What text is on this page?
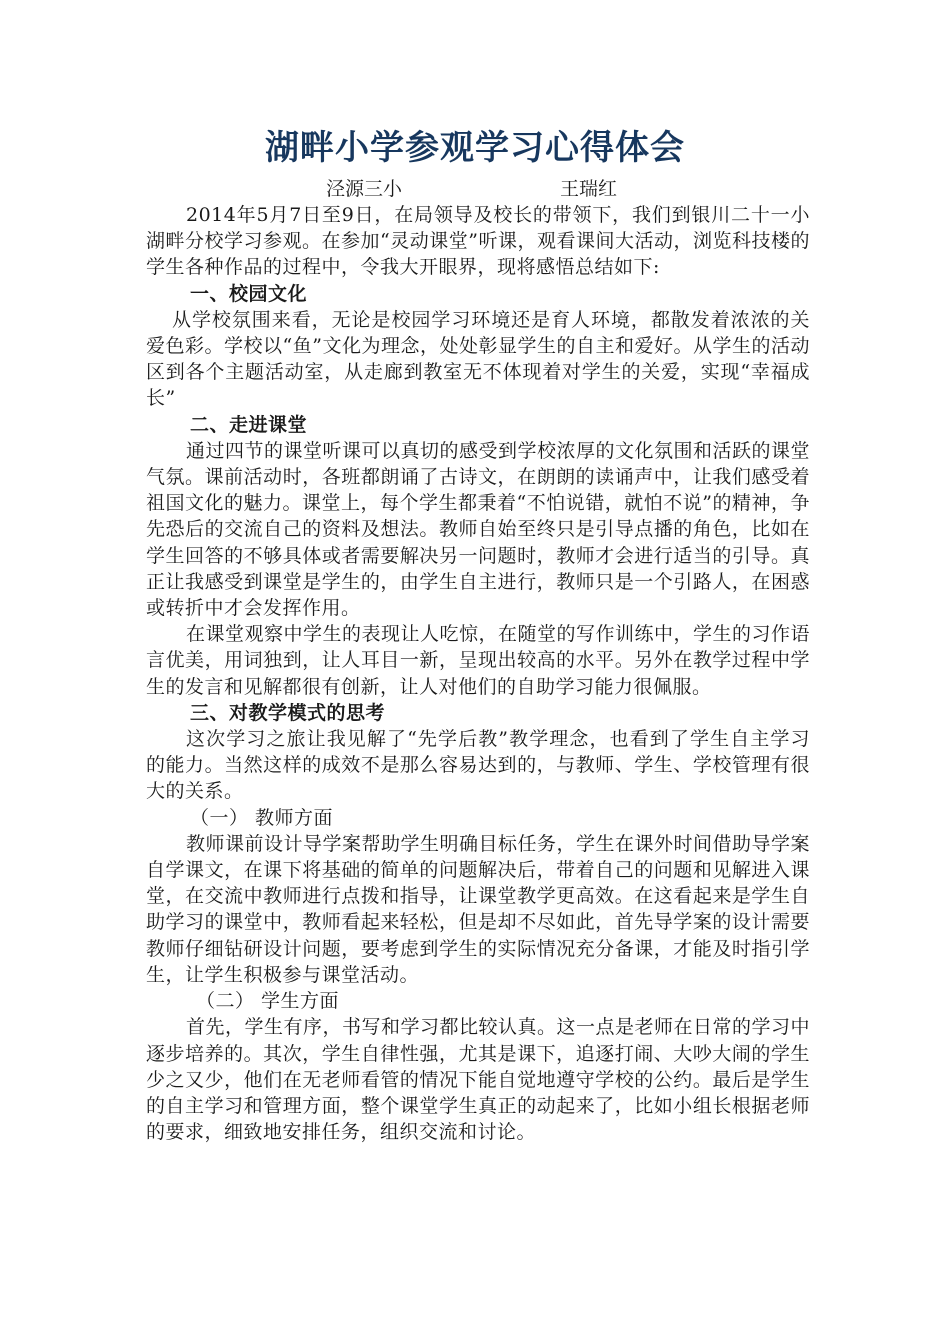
湖畔小学参观学习心得体会
泾源三小	王瑞红

2014年5月7日至9日，在局领导及校长的带领下，我们到银川二十一小湖畔分校学习参观。在参加“灵动课堂”听课，观看课间大活动，浏览科技楼的学生各种作品的过程中，令我大开眼界，现将感悟总结如下:

一、校园文化

从学校氛围来看，无论是校园学习环境还是育人环境，都散发着浓浓的关爱色彩。学校以“鱼”文化为理念，处处彰显学生的自主和爱好。从学生的活动区到各个主题活动室，从走廊到教室无不体现着对学生的关爱，实现“幸福成长”

二、走进课堂

通过四节的课堂听课可以真切的感受到学校浓厚的文化氛围和活跃的课堂气氛。课前活动时，各班都朗诵了古诗文，在朗朗的读诵声中，让我们感受着祖国文化的魅力。课堂上，每个学生都秉着“不怕说错，就怕不说”的精神，争先恐后的交流自己的资料及想法。教师自始至终只是引导点播的角色，比如在学生回答的不够具体或者需要解决另一问题时，教师才会进行适当的引导。真正让我感受到课堂是学生的，由学生自主进行，教师只是一个引路人，在困惑或转折中才会发挥作用。

在课堂观察中学生的表现让人吃惊，在随堂的写作训练中，学生的习作语言优美，用词独到，让人耳目一新，呈现出较高的水平。另外在教学过程中学生的发言和见解都很有创新，让人对他们的自助学习能力很佩服。

三、对教学模式的思考

这次学习之旅让我见解了“先学后教”教学理念，也看到了学生自主学习的能力。当然这样的成效不是那么容易达到的，与教师、学生、学校管理有很大的关系。

（一） 教师方面

教师课前设计导学案帮助学生明确目标任务，学生在课外时间借助导学案自学课文，在课下将基础的简单的问题解决后，带着自己的问题和见解进入课堂，在交流中教师进行点拨和指导，让课堂教学更高效。在这看起来是学生自助学习的课堂中，教师看起来轻松，但是却不尽如此，首先导学案的设计需要教师仔细钻研设计问题，要考虑到学生的实际情况充分备课，才能及时指引学生，让学生积极参与课堂活动。

（二） 学生方面

首先，学生有序，书写和学习都比较认真。这一点是老师在日常的学习中逐步培养的。其次，学生自律性强，尤其是课下，追逐打闹、大吵大闹的学生少之又少，他们在无老师看管的情况下能自觉地遵守学校的公约。最后是学生的自主学习和管理方面，整个课堂学生真正的动起来了，比如小组长根据老师的要求，细致地安排任务，组织交流和讨论。
